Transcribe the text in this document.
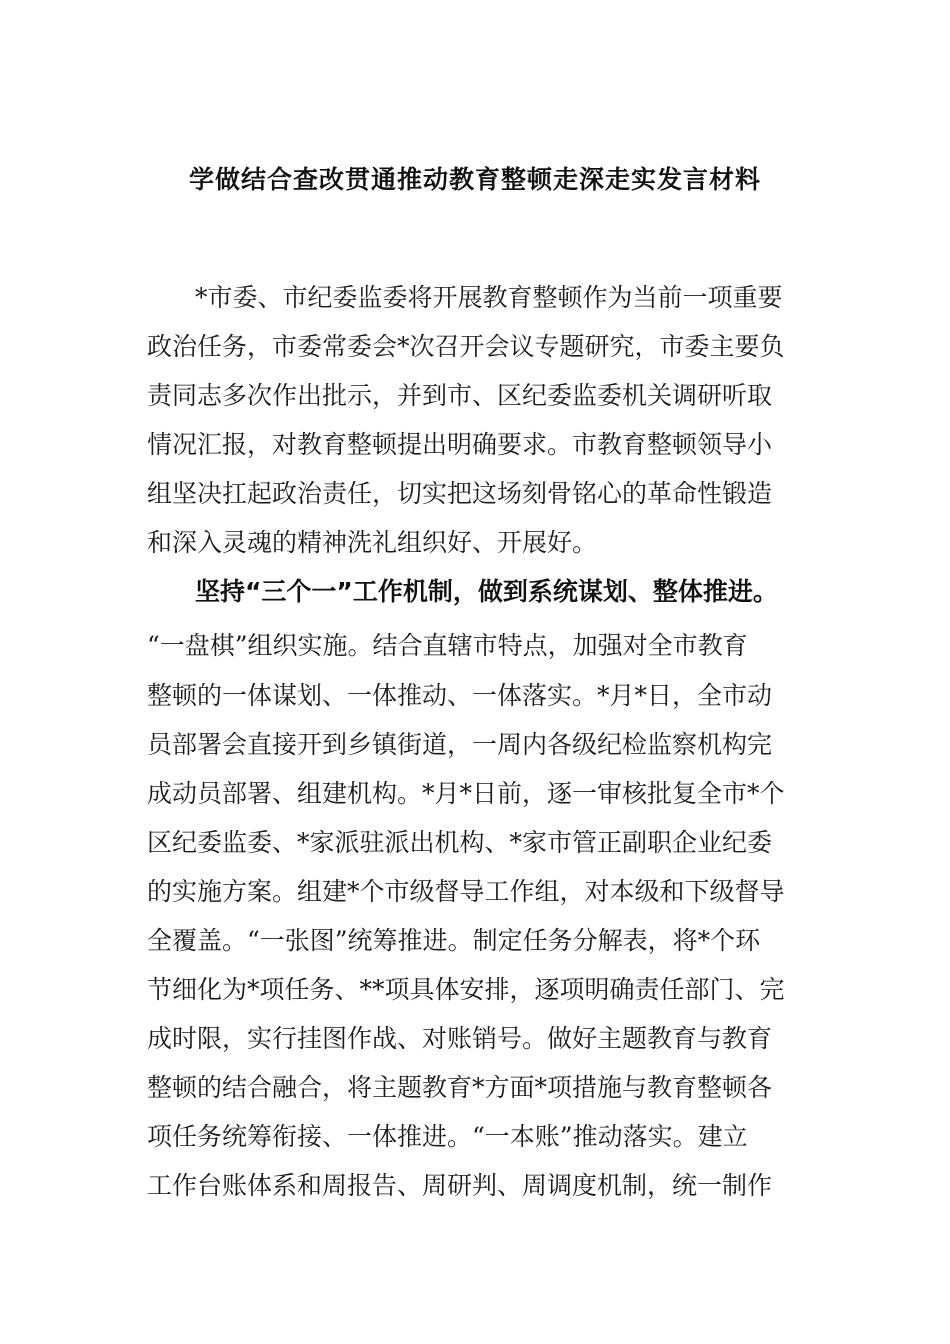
学做结合查改贯通推动教育整顿走深走实发言材料
*市委、市纪委监委将开展教育整顿作为当前一项重要
政治任务，市委常委会*次召开会议专题研究，市委主要负
责同志多次作出批示，并到市、区纪委监委机关调研听取
情况汇报，对教育整顿提出明确要求。市教育整顿领导小
组坚决扛起政治责任，切实把这场刻骨铭心的革命性锻造
和深入灵魂的精神洗礼组织好、开展好。
坚持“三个一”工作机制，做到系统谋划、整体推进。
“一盘棋”组织实施。结合直辖市特点，加强对全市教育
整顿的一体谋划、一体推动、一体落实。*月*日，全市动
员部署会直接开到乡镇街道，一周内各级纪检监察机构完
成动员部署、组建机构。*月*日前，逐一审核批复全市*个
区纪委监委、*家派驻派出机构、*家市管正副职企业纪委
的实施方案。组建*个市级督导工作组，对本级和下级督导
全覆盖。“一张图”统筹推进。制定任务分解表，将*个环
节细化为*项任务、**项具体安排，逐项明确责任部门、完
成时限，实行挂图作战、对账销号。做好主题教育与教育
整顿的结合融合，将主题教育*方面*项措施与教育整顿各
项任务统筹衔接、一体推进。“一本账”推动落实。建立
工作台账体系和周报告、周研判、周调度机制，统一制作
